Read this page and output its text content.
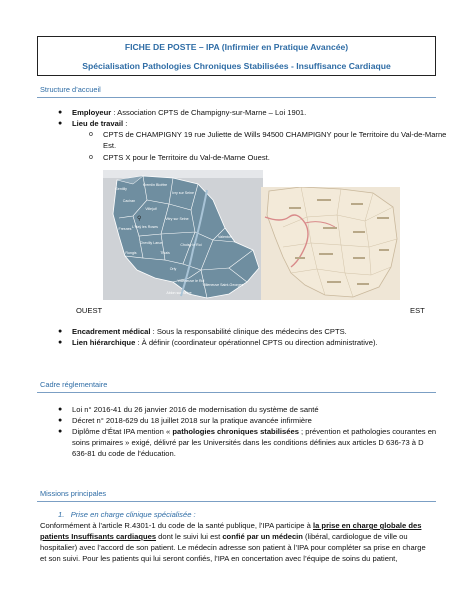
FICHE DE POSTE – IPA (Infirmier en Pratique Avancée)
Spécialisation Pathologies Chroniques Stabilisées - Insuffisance Cardiaque
Structure d’accueil
● Employeur : Association CPTS de Champigny-sur-Marne – Loi 1901.
● Lieu de travail :
o CPTS de CHAMPIGNY 19 rue Juliette de Wills 94500 CHAMPIGNY pour le Territoire du Val-de-Marne
Est.
o CPTS X pour le Territoire du Val-de-Marne Ouest.
Gentilly
Kremlin Bicêtre
Ivry sur Seine
Cachan
Villejuif
Vitry sur Seine
Fresnes L'Haÿ les Roses
Chevilly Larue	Choisy le Roi
Thiais
Rungis
Orly
Valenton
Villeneuve le Roi
Ablon sur Seine
Villeneuve Saint-Georges
⚲
OUEST	EST
● Encadrement médical : Sous la responsabilité clinique des médecins des CPTS.
● Lien hiérarchique : À définir (coordinateur opérationnel CPTS ou direction administrative).
Cadre réglementaire
● Loi n° 2016-41 du 26 janvier 2016 de modernisation du système de santé
● Décret n° 2018-629 du 18 juillet 2018 sur la pratique avancée infirmière
● Diplôme d’État IPA mention « pathologies chroniques stabilisées ; prévention et pathologies courantes en
soins primaires » exigé, délivré par les Universités dans les conditions définies aux articles D 636-73 à D
636-81 du code de l’éducation.
Missions principales
1. Prise en charge clinique spécialisée :
Conformément à l’article R.4301-1 du code de la santé publique, l’IPA participe à la prise en charge globale des
patients Insuffisants cardiaques dont le suivi lui est confié par un médecin (libéral, cardiologue de ville ou
hospitalier) avec l’accord de son patient. Le médecin adresse son patient à l’IPA pour compléter sa prise en charge
et son suivi. Pour les patients qui lui seront confiés, l’IPA en concertation avec l’équipe de soins du patient,
